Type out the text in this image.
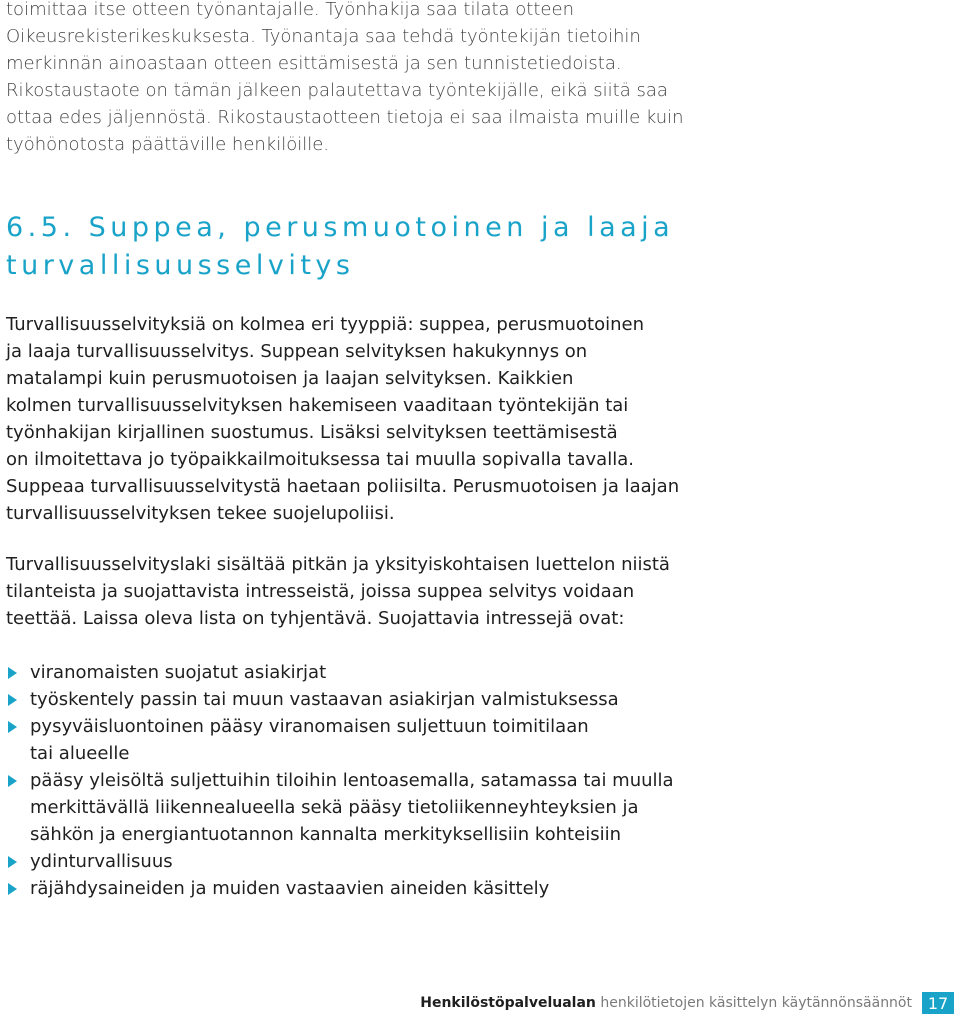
toimittaa itse otteen työnantajalle. Työnhakija saa tilata otteen
Oikeusrekisterikeskuksesta. Työnantaja saa tehdä työntekijän tietoihin
merkinnän ainoastaan otteen esittämisestä ja sen tunnistetiedoista.
Rikostaustaote on tämän jälkeen palautettava työntekijälle, eikä siitä saa
ottaa edes jäljennöstä. Rikostaustaotteen tietoja ei saa ilmaista muille kuin
työhönotosta päättäville henkilöille.
6.5. Suppea, perusmuotoinen ja laaja
turvallisuusselvitys
Turvallisuusselvityksiä on kolmea eri tyyppiä: suppea, perusmuotoinen
ja laaja turvallisuusselvitys. Suppean selvityksen hakukynnys on
matalampi kuin perusmuotoisen ja laajan selvityksen. Kaikkien
kolmen turvallisuusselvityksen hakemiseen vaaditaan työntekijän tai
työnhakijan kirjallinen suostumus. Lisäksi selvityksen teettämisestä
on ilmoitettava jo työpaikkailmoituksessa tai muulla sopivalla tavalla.
Suppeaa turvallisuusselvitystä haetaan poliisilta. Perusmuotoisen ja laajan
turvallisuusselvityksen tekee suojelupoliisi.
Turvallisuusselvityslaki sisältää pitkän ja yksityiskohtaisen luettelon niistä
tilanteista ja suojattavista intresseistä, joissa suppea selvitys voidaan
teettää. Laissa oleva lista on tyhjentävä. Suojattavia intressejä ovat:
viranomaisten suojatut asiakirjat
työskentely passin tai muun vastaavan asiakirjan valmistuksessa
pysyväisluontoinen pääsy viranomaisen suljettuun toimitilaan
tai alueelle
pääsy yleisöltä suljettuihin tiloihin lentoasemalla, satamassa tai muulla
merkittävällä liikennealueella sekä pääsy tietoliikenneyhteyksien ja
sähkön ja energiantuotannon kannalta merkityksellisiin kohteisiin
ydinturvallisuus
räjähdysaineiden ja muiden vastaavien aineiden käsittely
Henkilöstöpalvelualan henkilötietojen käsittelyn käytännönsäännöt 17
